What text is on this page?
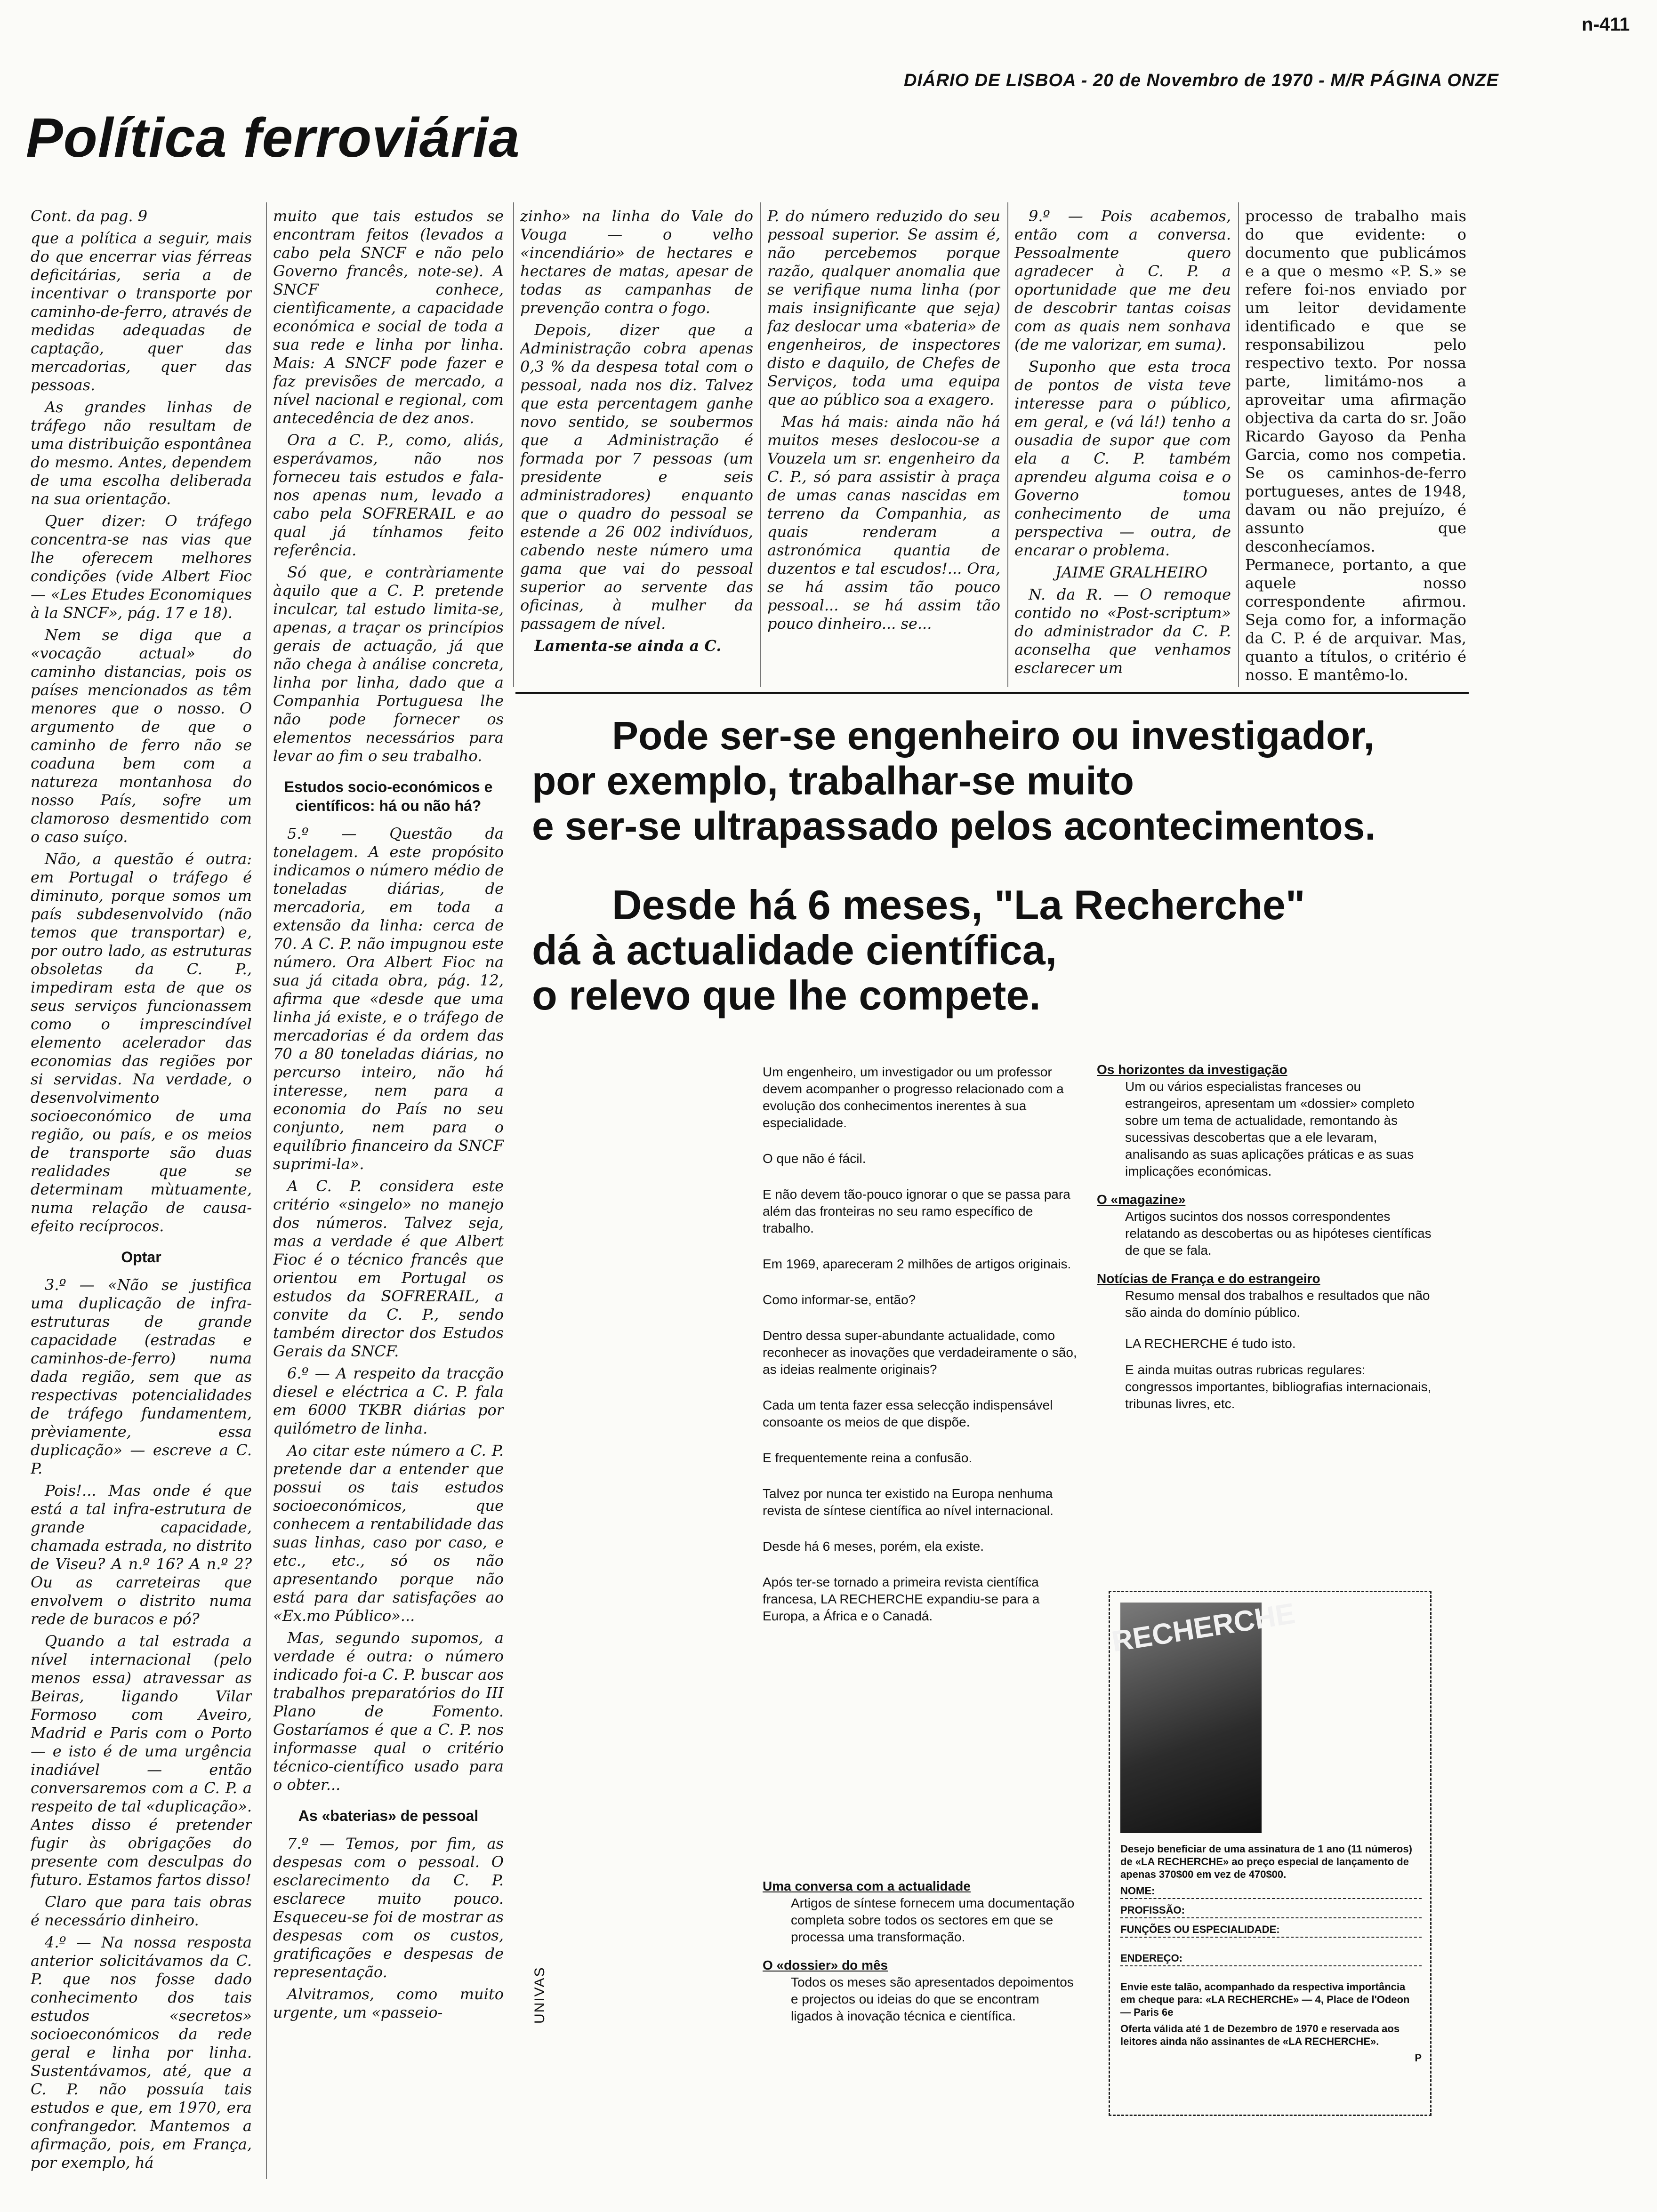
n-411
DIÁRIO DE LISBOA - 20 de Novembro de 1970 - M/R PÁGINA ONZE
Política ferroviária

Cont. da pag. 9

que a política a seguir, mais do que encerrar vias férreas deficitárias, seria a de incentivar o transporte por caminho-de-ferro, através de medidas adequadas de captação, quer das mercadorias, quer das pessoas.

As grandes linhas de tráfego não resultam de uma distribuição espontânea do mesmo. Antes, dependem de uma escolha deliberada na sua orientação.

Quer dizer: O tráfego concentra-se nas vias que lhe oferecem melhores condições (vide Albert Fioc — «Les Etudes Economiques à la SNCF», pág. 17 e 18).

Nem se diga que a «vocação actual» do caminho distancias, pois os países mencionados as têm menores que o nosso. O argumento de que o caminho de ferro não se coaduna bem com a natureza montanhosa do nosso País, sofre um clamoroso desmentido com o caso suíço.

Não, a questão é outra: em Portugal o tráfego é diminuto, porque somos um país subdesenvolvido (não temos que transportar) e, por outro lado, as estruturas obsoletas da C. P., impediram esta de que os seus serviços funcionassem como o imprescindível elemento acelerador das economias das regiões por si servidas. Na verdade, o desenvolvimento socioeconómico de uma região, ou país, e os meios de transporte são duas realidades que se determinam mùtuamente, numa relação de causa-efeito recíprocos.

Optar

3.º — «Não se justifica uma duplicação de infra-estruturas de grande capacidade (estradas e caminhos-de-ferro) numa dada região, sem que as respectivas potencialidades de tráfego fundamentem, prèviamente, essa duplicação» — escreve a C. P.

Pois!... Mas onde é que está a tal infra-estrutura de grande capacidade, chamada estrada, no distrito de Viseu? A n.º 16? A n.º 2? Ou as carreteiras que envolvem o distrito numa rede de buracos e pó?

Quando a tal estrada a nível internacional (pelo menos essa) atravessar as Beiras, ligando Vilar Formoso com Aveiro, Madrid e Paris com o Porto — e isto é de uma urgência inadiável — então conversaremos com a C. P. a respeito de tal «duplicação». Antes disso é pretender fugir às obrigações do presente com desculpas do futuro. Estamos fartos disso!

Claro que para tais obras é necessário dinheiro.

4.º — Na nossa resposta anterior solicitávamos da C. P. que nos fosse dado conhecimento dos tais estudos «secretos» socioeconómicos da rede geral e linha por linha. Sustentávamos, até, que a C. P. não possuía tais estudos e que, em 1970, era confrangedor. Mantemos a afirmação, pois, em França, por exemplo, há

muito que tais estudos se encontram feitos (levados a cabo pela SNCF e não pelo Governo francês, note-se). A SNCF conhece, cientìficamente, a capacidade económica e social de toda a sua rede e linha por linha. Mais: A SNCF pode fazer e faz previsões de mercado, a nível nacional e regional, com antecedência de dez anos.

Ora a C. P., como, aliás, esperávamos, não nos forneceu tais estudos e fala-nos apenas num, levado a cabo pela SOFRERAIL e ao qual já tínhamos feito referência.

Só que, e contràriamente àquilo que a C. P. pretende inculcar, tal estudo limita-se, apenas, a traçar os princípios gerais de actuação, já que não chega à análise concreta, linha por linha, dado que a Companhia Portuguesa lhe não pode fornecer os elementos necessários para levar ao fim o seu trabalho.

Estudos socio-económicos e científicos: há ou não há?

5.º — Questão da tonelagem. A este propósito indicamos o número médio de toneladas diárias, de mercadoria, em toda a extensão da linha: cerca de 70. A C. P. não impugnou este número. Ora Albert Fioc na sua já citada obra, pág. 12, afirma que «desde que uma linha já existe, e o tráfego de mercadorias é da ordem das 70 a 80 toneladas diárias, no percurso inteiro, não há interesse, nem para a economia do País no seu conjunto, nem para o equilíbrio financeiro da SNCF suprimi-la».

A C. P. considera este critério «singelo» no manejo dos números. Talvez seja, mas a verdade é que Albert Fioc é o técnico francês que orientou em Portugal os estudos da SOFRERAIL, a convite da C. P., sendo também director dos Estudos Gerais da SNCF.

6.º — A respeito da tracção diesel e eléctrica a C. P. fala em 6000 TKBR diárias por quilómetro de linha.

Ao citar este número a C. P. pretende dar a entender que possui os tais estudos socioeconómicos, que conhecem a rentabilidade das suas linhas, caso por caso, e etc., etc., só os não apresentando porque não está para dar satisfações ao «Ex.mo Público»...

Mas, segundo supomos, a verdade é outra: o número indicado foi-a C. P. buscar aos trabalhos preparatórios do III Plano de Fomento. Gostaríamos é que a C. P. nos informasse qual o critério técnico-científico usado para o obter...

As «baterias» de pessoal

7.º — Temos, por fim, as despesas com o pessoal. O esclarecimento da C. P. esclarece muito pouco. Esqueceu-se foi de mostrar as despesas com os custos, gratificações e despesas de representação.

Alvitramos, como muito urgente, um «passeio-

zinho» na linha do Vale do Vouga — o velho «incendiário» de hectares e hectares de matas, apesar de todas as campanhas de prevenção contra o fogo.

Depois, dizer que a Administração cobra apenas 0,3 % da despesa total com o pessoal, nada nos diz. Talvez que esta percentagem ganhe novo sentido, se soubermos que a Administração é formada por 7 pessoas (um presidente e seis administradores) enquanto que o quadro do pessoal se estende a 26 002 indivíduos, cabendo neste número uma gama que vai do pessoal superior ao servente das oficinas, à mulher da passagem de nível.

Lamenta-se ainda a C.

P. do número reduzido do seu pessoal superior. Se assim é, não percebemos porque razão, qualquer anomalia que se verifique numa linha (por mais insignificante que seja) faz deslocar uma «bateria» de engenheiros, de inspectores disto e daquilo, de Chefes de Serviços, toda uma equipa que ao público soa a exagero.

Mas há mais: ainda não há muitos meses deslocou-se a Vouzela um sr. engenheiro da C. P., só para assistir à praça de umas canas nascidas em terreno da Companhia, as quais renderam a astronómica quantia de duzentos e tal escudos!... Ora, se há assim tão pouco pessoal... se há assim tão pouco dinheiro... se...

9.º — Pois acabemos, então com a conversa. Pessoalmente quero agradecer à C. P. a oportunidade que me deu de descobrir tantas coisas com as quais nem sonhava (de me valorizar, em suma).

Suponho que esta troca de pontos de vista teve interesse para o público, em geral, e (vá lá!) tenho a ousadia de supor que com ela a C. P. também aprendeu alguma coisa e o Governo tomou conhecimento de uma perspectiva — outra, de encarar o problema.

JAIME GRALHEIRO

N. da R. — O remoque contido no «Post-scriptum» do administrador da C. P. aconselha que venhamos esclarecer um

processo de trabalho mais do que evidente: o documento que publicámos e a que o mesmo «P. S.» se refere foi-nos enviado por um leitor devidamente identificado e que se responsabilizou pelo respectivo texto. Por nossa parte, limitámo-nos a aproveitar uma afirmação objectiva da carta do sr. João Ricardo Gayoso da Penha Garcia, como nos competia. Se os caminhos-de-ferro portugueses, antes de 1948, davam ou não prejuízo, é assunto que desconhecíamos. Permanece, portanto, a que aquele nosso correspondente afirmou. Seja como for, a informação da C. P. é de arquivar. Mas, quanto a títulos, o critério é nosso. E mantêmo-lo.

Pode ser-se engenheiro ou investigador,
por exemplo, trabalhar-se muito
e ser-se ultrapassado pelos acontecimentos.
Desde há 6 meses, "La Recherche"
dá à actualidade científica,
o relevo que lhe compete.

Um engenheiro, um investigador ou um professor devem acompanher o progresso relacionado com a evolução dos conhecimentos inerentes à sua especialidade.

O que não é fácil.

E não devem tão-pouco ignorar o que se passa para além das fronteiras no seu ramo específico de trabalho.

Em 1969, apareceram 2 milhões de artigos originais.

Como informar-se, então?

Dentro dessa super-abundante actualidade, como reconhecer as inovações que verdadeiramente o são, as ideias realmente originais?

Cada um tenta fazer essa selecção indispensável consoante os meios de que dispõe.

E frequentemente reina a confusão.

Talvez por nunca ter existido na Europa nenhuma revista de síntese científica ao nível internacional.

Desde há 6 meses, porém, ela existe.

Após ter-se tornado a primeira revista científica francesa, LA RECHERCHE expandiu-se para a Europa, a África e o Canadá.

Uma conversa com a actualidade

Artigos de síntese fornecem uma documentação completa sobre todos os sectores em que se processa uma transformação.

O «dossier» do mês

Todos os meses são apresentados depoimentos e projectos ou ideias do que se encontram ligados à inovação técnica e científica.

Os horizontes da investigação

Um ou vários especialistas franceses ou estrangeiros, apresentam um «dossier» completo sobre um tema de actualidade, remontando às sucessivas descobertas que a ele levaram, analisando as suas aplicações práticas e as suas implicações económicas.

O «magazine»

Artigos sucintos dos nossos correspondentes relatando as descobertas ou as hipóteses científicas de que se fala.

Notícias de França e do estrangeiro

Resumo mensal dos trabalhos e resultados que não são ainda do domínio público.

LA RECHERCHE é tudo isto.

E ainda muitas outras rubricas regulares: congressos importantes, bibliografias internacionais, tribunas livres, etc.

RECHERCHE

Desejo beneficiar de uma assinatura de 1 ano (11 números) de «LA RECHERCHE» ao preço especial de lançamento de apenas 370$00 em vez de 470$00.

NOME:
PROFISSÃO:
FUNÇÕES OU ESPECIALIDADE:
ENDEREÇO:

Envie este talão, acompanhado da respectiva importância em cheque para: «LA RECHERCHE» — 4, Place de l'Odeon — Paris 6e

Oferta válida até 1 de Dezembro de 1970 e reservada aos leitores ainda não assinantes de «LA RECHERCHE».

P

UNIVAS
